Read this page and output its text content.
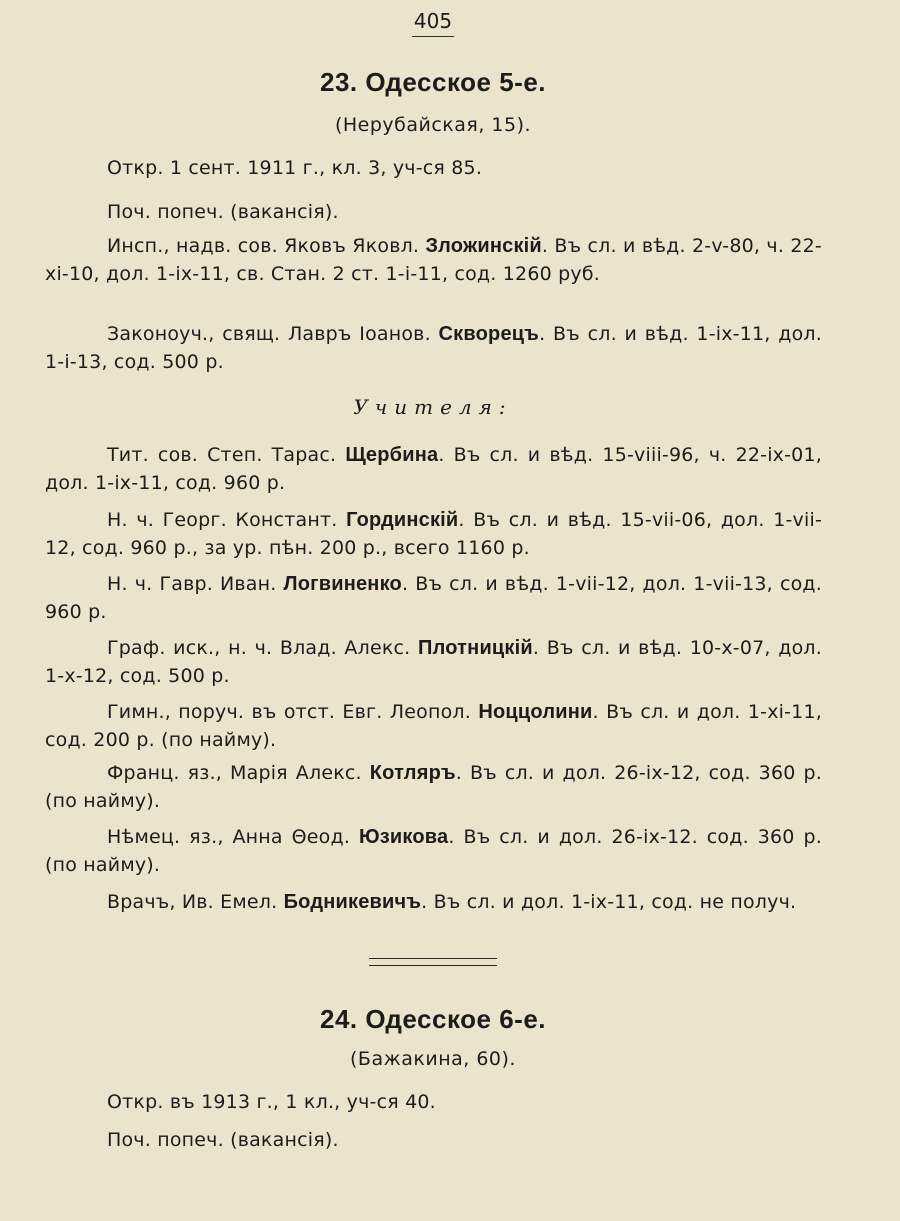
405
23. Одесское 5-е.
(Нерубайская, 15).
Откр. 1 сент. 1911 г., кл. 3, уч-ся 85.
Поч. попеч. (вакансія).
Инсп., надв. сов. Яковъ Яковл. Зложинскій. Въ сл. и вѣд. 2-v-80, ч. 22-xi-10, дол. 1-ix-11, св. Стан. 2 ст. 1-i-11, сод. 1260 руб.
Законоуч., свящ. Лавръ Іоанов. Скворецъ. Въ сл. и вѣд. 1-ix-11, дол. 1-i-13, сод. 500 р.
Учителя:
Тит. сов. Степ. Тарас. Щербина. Въ сл. и вѣд. 15-viii-96, ч. 22-ix-01, дол. 1-ix-11, сод. 960 р.
Н. ч. Георг. Констант. Гординскій. Въ сл. и вѣд. 15-vii-06, дол. 1-vii-12, сод. 960 р., за ур. пѣн. 200 р., всего 1160 р.
Н. ч. Гавр. Иван. Логвиненко. Въ сл. и вѣд. 1-vii-12, дол. 1-vii-13, сод. 960 р.
Граф. иск., н. ч. Влад. Алекс. Плотницкій. Въ сл. и вѣд. 10-x-07, дол. 1-x-12, сод. 500 р.
Гимн., поруч. въ отст. Евг. Леопол. Ноццолини. Въ сл. и дол. 1-xi-11, сод. 200 р. (по найму).
Франц. яз., Марія Алекс. Котляръ. Въ сл. и дол. 26-ix-12, сод. 360 р. (по найму).
Нѣмец. яз., Анна Θеод. Юзикова. Въ сл. и дол. 26-ix-12. сод. 360 р. (по найму).
Врачъ, Ив. Емел. Бодникевичъ. Въ сл. и дол. 1-ix-11, сод. не получ.
24. Одесское 6-е.
(Бажакина, 60).
Откр. въ 1913 г., 1 кл., уч-ся 40.
Поч. попеч. (вакансія).
